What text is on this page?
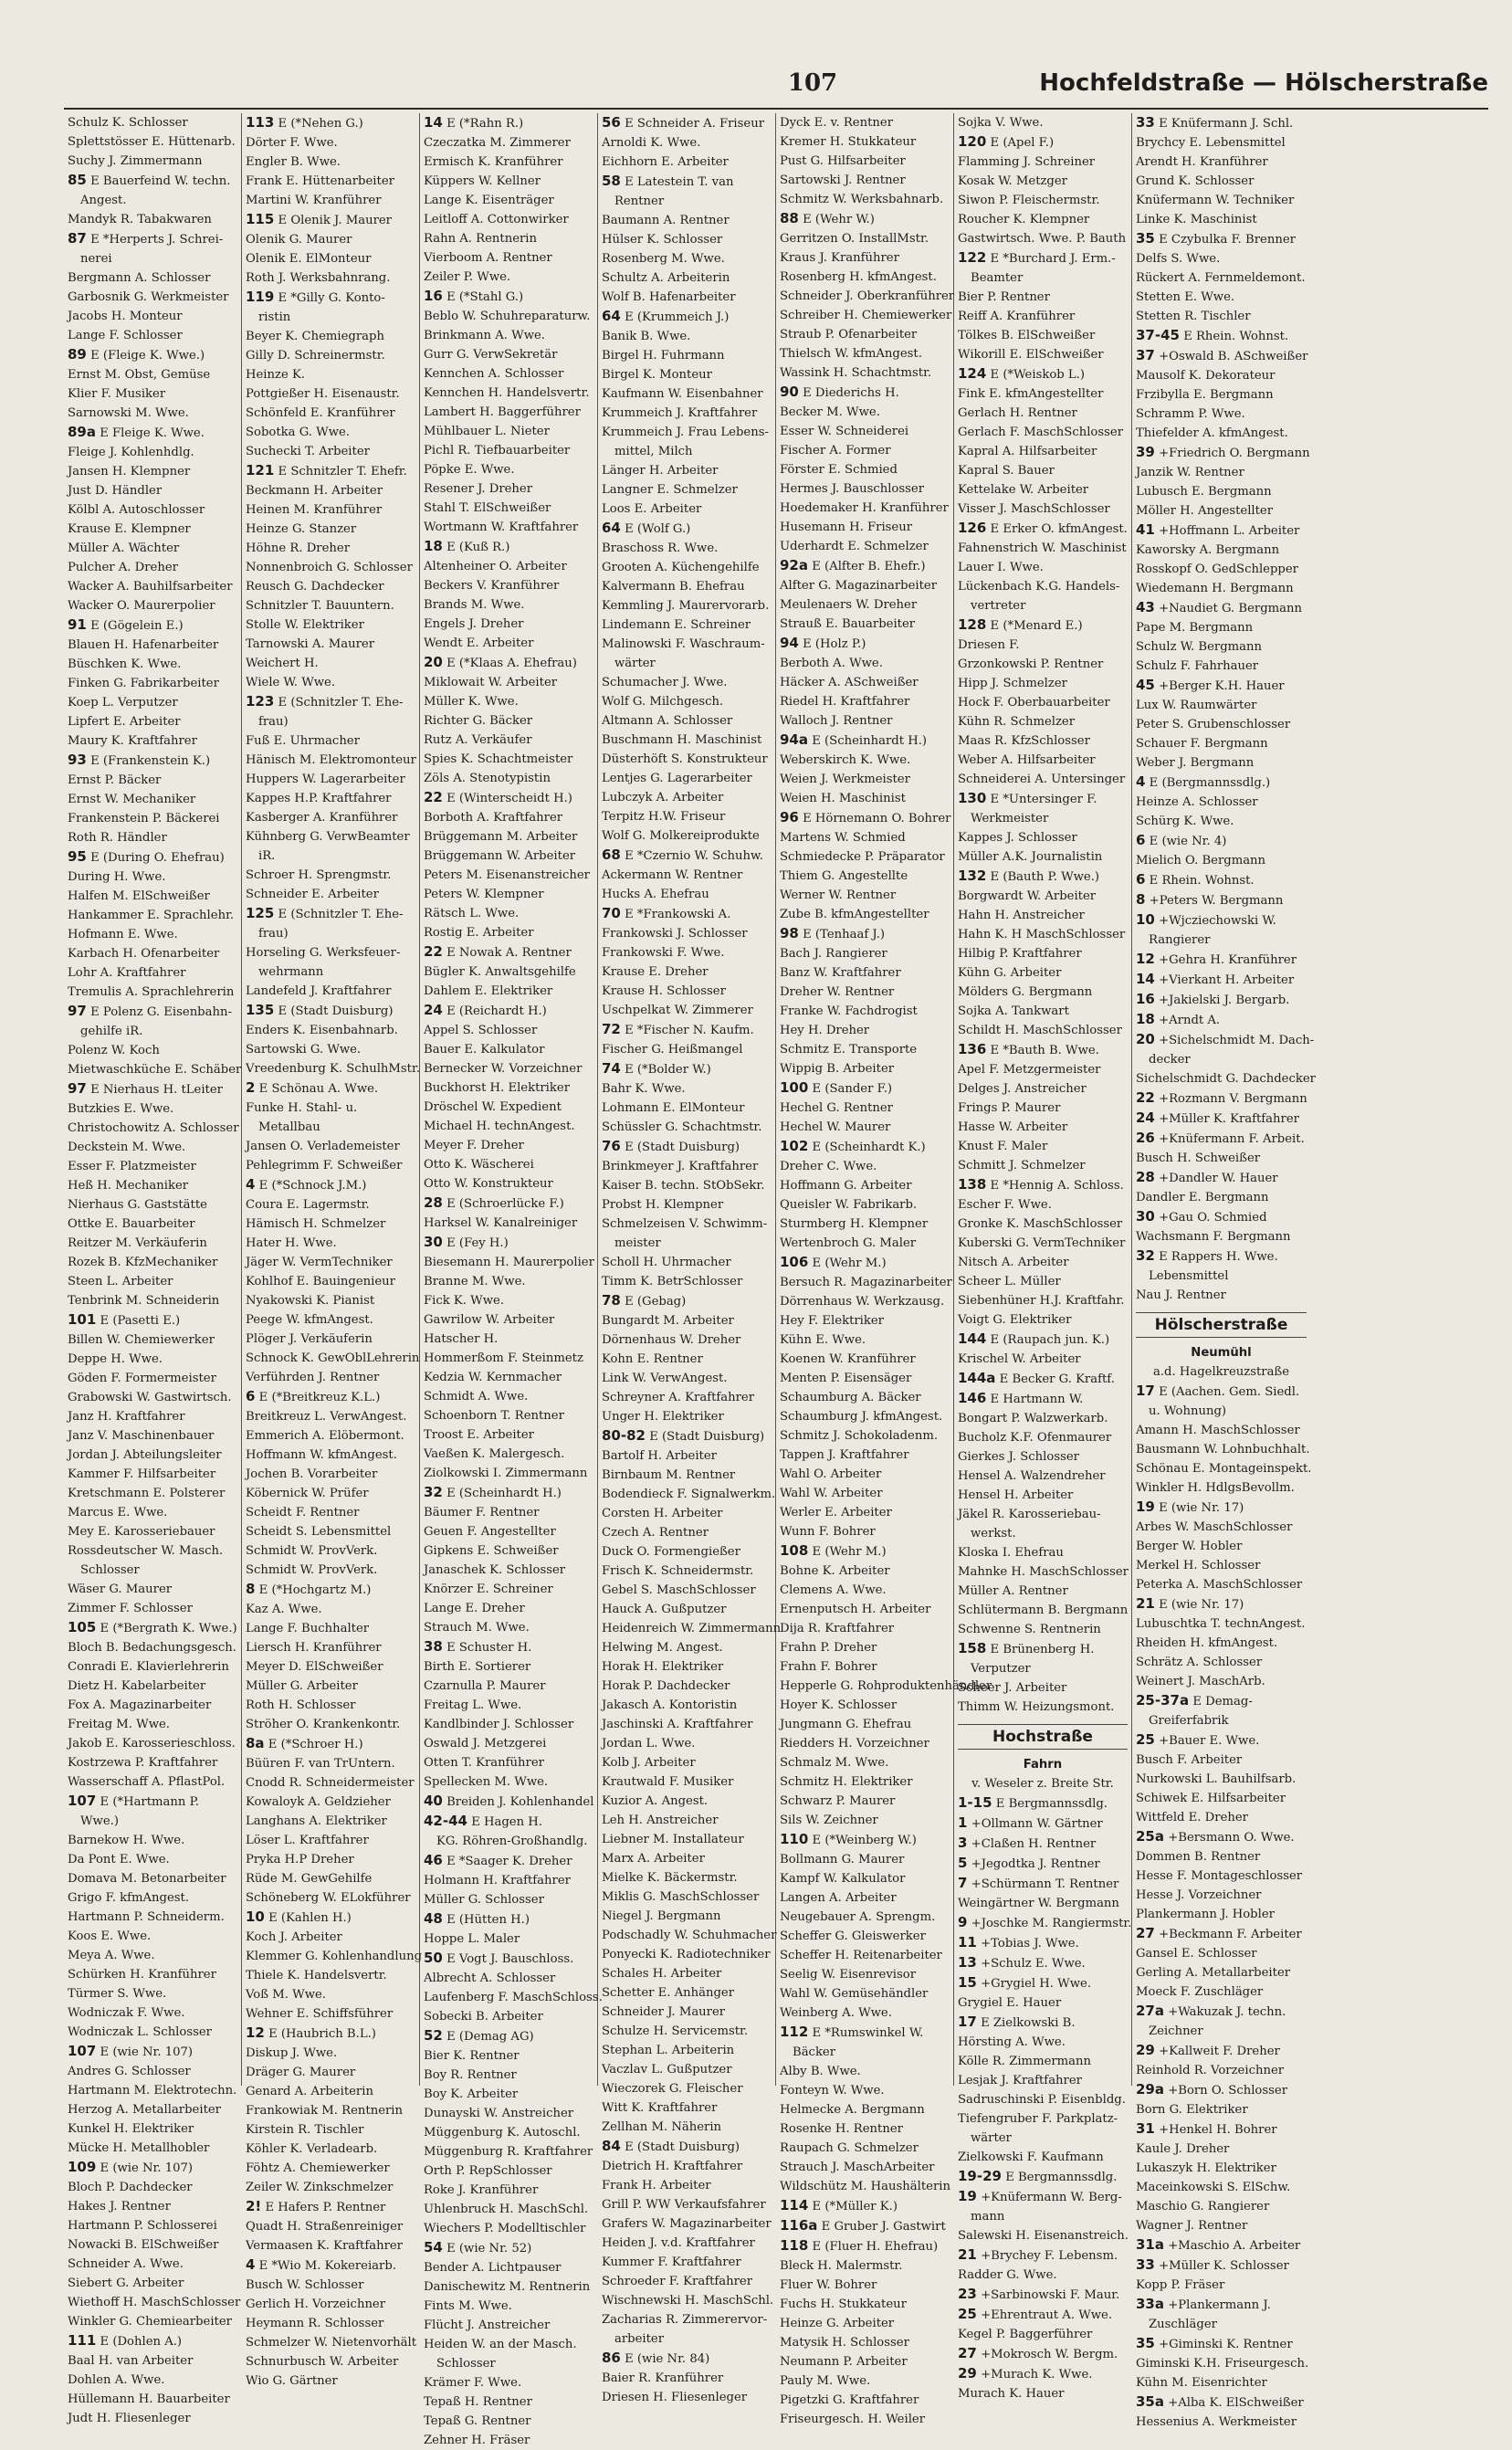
107	Hochfeldstraße — Hölscherstraße
Schulz K. Schlosser
Splettstösser E. Hüttenarb.
Suchy J. Zimmermann
85 E Bauerfeind W. techn.
Angest.
Mandyk R. Tabakwaren
87 E *Herperts J. Schrei-
nerei
Bergmann A. Schlosser
Garbosnik G. Werkmeister
Jacobs H. Monteur
Lange F. Schlosser
89 E (Fleige K. Wwe.)
Ernst M. Obst, Gemüse
Klier F. Musiker
Sarnowski M. Wwe.
89a E Fleige K. Wwe.
Fleige J. Kohlenhdlg.
Jansen H. Klempner
Just D. Händler
Kölbl A. Autoschlosser
Krause E. Klempner
Müller A. Wächter
Pulcher A. Dreher
Wacker A. Bauhilfsarbeiter
Wacker O. Maurerpolier
91 E (Gögelein E.)
Blauen H. Hafenarbeiter
Büschken K. Wwe.
Finken G. Fabrikarbeiter
Koep L. Verputzer
Lipfert E. Arbeiter
Maury K. Kraftfahrer
93 E (Frankenstein K.)
Ernst P. Bäcker
Ernst W. Mechaniker
Frankenstein P. Bäckerei
Roth R. Händler
95 E (During O. Ehefrau)
During H. Wwe.
Halfen M. ElSchweißer
Hankammer E. Sprachlehr.
Hofmann E. Wwe.
Karbach H. Ofenarbeiter
Lohr A. Kraftfahrer
Tremulis A. Sprachlehrerin
97 E Polenz G. Eisenbahn-
gehilfe iR.
Polenz W. Koch
Mietwaschküche E. Schäber
97 E Nierhaus H. tLeiter
Butzkies E. Wwe.
Christochowitz A. Schlosser
Deckstein M. Wwe.
Esser F. Platzmeister
Heß H. Mechaniker
Nierhaus G. Gaststätte
Ottke E. Bauarbeiter
Reitzer M. Verkäuferin
Rozek B. KfzMechaniker
Steen L. Arbeiter
Tenbrink M. Schneiderin
101 E (Pasetti E.)
Billen W. Chemiewerker
Deppe H. Wwe.
Göden F. Formermeister
Grabowski W. Gastwirtsch.
Janz H. Kraftfahrer
Janz V. Maschinenbauer
Jordan J. Abteilungsleiter
Kammer F. Hilfsarbeiter
Kretschmann E. Polsterer
Marcus E. Wwe.
Mey E. Karosseriebauer
Rossdeutscher W. Masch.
Schlosser
Wäser G. Maurer
Zimmer F. Schlosser
105 E (*Bergrath K. Wwe.)
Bloch B. Bedachungsgesch.
Conradi E. Klavierlehrerin
Dietz H. Kabelarbeiter
Fox A. Magazinarbeiter
Freitag M. Wwe.
Jakob E. Karosserieschloss.
Kostrzewa P. Kraftfahrer
Wasserschaff A. PflastPol.
107 E (*Hartmann P.
Wwe.)
Barnekow H. Wwe.
Da Pont E. Wwe.
Domava M. Betonarbeiter
Grigo F. kfmAngest.
Hartmann P. Schneiderm.
Koos E. Wwe.
Meya A. Wwe.
Schürken H. Kranführer
Türmer S. Wwe.
Wodniczak F. Wwe.
Wodniczak L. Schlosser
107 E (wie Nr. 107)
Andres G. Schlosser
Hartmann M. Elektrotechn.
Herzog A. Metallarbeiter
Kunkel H. Elektriker
Mücke H. Metallhobler
109 E (wie Nr. 107)
Bloch P. Dachdecker
Hakes J. Rentner
Hartmann P. Schlosserei
Nowacki B. ElSchweißer
Schneider A. Wwe.
Siebert G. Arbeiter
Wiethoff H. MaschSchlosser
Winkler G. Chemiearbeiter
111 E (Dohlen A.)
Baal H. van Arbeiter
Dohlen A. Wwe.
Hüllemann H. Bauarbeiter
Judt H. Fliesenleger
113 E (*Nehen G.)
Dörter F. Wwe.
Engler B. Wwe.
Frank E. Hüttenarbeiter
Martini W. Kranführer
115 E Olenik J. Maurer
Olenik G. Maurer
Olenik E. ElMonteur
Roth J. Werksbahnrang.
119 E *Gilly G. Konto-
ristin
Beyer K. Chemiegraph
Gilly D. Schreinermstr.
Heinze K.
Pottgießer H. Eisenaustr.
Schönfeld E. Kranführer
Sobotka G. Wwe.
Suchecki T. Arbeiter
121 E Schnitzler T. Ehefr.
Beckmann H. Arbeiter
Heinen M. Kranführer
Heinze G. Stanzer
Höhne R. Dreher
Nonnenbroich G. Schlosser
Reusch G. Dachdecker
Schnitzler T. Bauuntern.
Stolle W. Elektriker
Tarnowski A. Maurer
Weichert H.
Wiele W. Wwe.
123 E (Schnitzler T. Ehe-
frau)
Fuß E. Uhrmacher
Hänisch M. Elektromonteur
Huppers W. Lagerarbeiter
Kappes H.P. Kraftfahrer
Kasberger A. Kranführer
Kühnberg G. VerwBeamter
iR.
Schroer H. Sprengmstr.
Schneider E. Arbeiter
125 E (Schnitzler T. Ehe-
frau)
Horseling G. Werksfeuer-
wehrmann
Landefeld J. Kraftfahrer
135 E (Stadt Duisburg)
Enders K. Eisenbahnarb.
Sartowski G. Wwe.
Vreedenburg K. SchulhMstr.
2 E Schönau A. Wwe.
Funke H. Stahl- u.
Metallbau
Jansen O. Verlademeister
Pehlegrimm F. Schweißer
4 E (*Schnock J.M.)
Coura E. Lagermstr.
Hämisch H. Schmelzer
Hater H. Wwe.
Jäger W. VermTechniker
Kohlhof E. Bauingenieur
Nyakowski K. Pianist
Peege W. kfmAngest.
Plöger J. Verkäuferin
Schnock K. GewOblLehrerin
Verführden J. Rentner
6 E (*Breitkreuz K.L.)
Breitkreuz L. VerwAngest.
Emmerich A. Elöbermont.
Hoffmann W. kfmAngest.
Jochen B. Vorarbeiter
Köbernick W. Prüfer
Scheidt F. Rentner
Scheidt S. Lebensmittel
Schmidt W. ProvVerk.
Schmidt W. ProvVerk.
8 E (*Hochgartz M.)
Kaz A. Wwe.
Lange F. Buchhalter
Liersch H. Kranführer
Meyer D. ElSchweißer
Müller G. Arbeiter
Roth H. Schlosser
Ströher O. Krankenkontr.
8a E (*Schroer H.)
Büüren F. van TrUntern.
Cnodd R. Schneidermeister
Kowaloyk A. Geldzieher
Langhans A. Elektriker
Löser L. Kraftfahrer
Pryka H.P Dreher
Rüde M. GewGehilfe
Schöneberg W. ELokführer
10 E (Kahlen H.)
Koch J. Arbeiter
Klemmer G. Kohlenhandlung
Thiele K. Handelsvertr.
Voß M. Wwe.
Wehner E. Schiffsführer
12 E (Haubrich B.L.)
Diskup J. Wwe.
Dräger G. Maurer
Genard A. Arbeiterin
Frankowiak M. Rentnerin
Kirstein R. Tischler
Köhler K. Verladearb.
Föhtz A. Chemiewerker
Zeiler W. Zinkschmelzer
2! E Hafers P. Rentner
Quadt H. Straßenreiniger
Vermaasen K. Kraftfahrer
4 E *Wio M. Kokereiarb.
Busch W. Schlosser
Gerlich H. Vorzeichner
Heymann R. Schlosser
Schmelzer W. Nietenvorhält
Schnurbusch W. Arbeiter
Wio G. Gärtner
14 E (*Rahn R.)
Czeczatka M. Zimmerer
Ermisch K. Kranführer
Küppers W. Kellner
Lange K. Eisenträger
Leitloff A. Cottonwirker
Rahn A. Rentnerin
Vierboom A. Rentner
Zeiler P. Wwe.
16 E (*Stahl G.)
Beblo W. Schuhreparaturw.
Brinkmann A. Wwe.
Gurr G. VerwSekretär
Kennchen A. Schlosser
Kennchen H. Handelsvertr.
Lambert H. Baggerführer
Mühlbauer L. Nieter
Pichl R. Tiefbauarbeiter
Pöpke E. Wwe.
Resener J. Dreher
Stahl T. ElSchweißer
Wortmann W. Kraftfahrer
18 E (Kuß R.)
Altenheiner O. Arbeiter
Beckers V. Kranführer
Brands M. Wwe.
Engels J. Dreher
Wendt E. Arbeiter
20 E (*Klaas A. Ehefrau)
Miklowait W. Arbeiter
Müller K. Wwe.
Richter G. Bäcker
Rutz A. Verkäufer
Spies K. Schachtmeister
Zöls A. Stenotypistin
22 E (Winterscheidt H.)
Borboth A. Kraftfahrer
Brüggemann M. Arbeiter
Brüggemann W. Arbeiter
Peters M. Eisenanstreicher
Peters W. Klempner
Rätsch L. Wwe.
Rostig E. Arbeiter
22 E Nowak A. Rentner
Bügler K. Anwaltsgehilfe
Dahlem E. Elektriker
24 E (Reichardt H.)
Appel S. Schlosser
Bauer E. Kalkulator
Bernecker W. Vorzeichner
Buckhorst H. Elektriker
Dröschel W. Expedient
Michael H. technAngest.
Meyer F. Dreher
Otto K. Wäscherei
Otto W. Konstrukteur
28 E (Schroerlücke F.)
Harksel W. Kanalreiniger
30 E (Fey H.)
Biesemann H. Maurerpolier
Branne M. Wwe.
Fick K. Wwe.
Gawrilow W. Arbeiter
Hatscher H.
Hommerßom F. Steinmetz
Kedzia W. Kernmacher
Schmidt A. Wwe.
Schoenborn T. Rentner
Troost E. Arbeiter
Vaeßen K. Malergesch.
Ziolkowski I. Zimmermann
32 E (Scheinhardt H.)
Bäumer F. Rentner
Geuen F. Angestellter
Gipkens E. Schweißer
Janaschek K. Schlosser
Knörzer E. Schreiner
Lange E. Dreher
Strauch M. Wwe.
38 E Schuster H.
Birth E. Sortierer
Czarnulla P. Maurer
Freitag L. Wwe.
Kandlbinder J. Schlosser
Oswald J. Metzgerei
Otten T. Kranführer
Spellecken M. Wwe.
40 Breiden J. Kohlenhandel
42-44 E Hagen H.
KG. Röhren-Großhandlg.
46 E *Saager K. Dreher
Holmann H. Kraftfahrer
Müller G. Schlosser
48 E (Hütten H.)
Hoppe L. Maler
50 E Vogt J. Bauschloss.
Albrecht A. Schlosser
Laufenberg F. MaschSchloss.
Sobecki B. Arbeiter
52 E (Demag AG)
Bier K. Rentner
Boy R. Rentner
Boy K. Arbeiter
Dunayski W. Anstreicher
Müggenburg K. Autoschl.
Müggenburg R. Kraftfahrer
Orth P. RepSchlosser
Roke J. Kranführer
Uhlenbruck H. MaschSchl.
Wiechers P. Modelltischler
54 E (wie Nr. 52)
Bender A. Lichtpauser
Danischewitz M. Rentnerin
Fints M. Wwe.
Flücht J. Anstreicher
Heiden W. an der Masch.
Schlosser
Krämer F. Wwe.
Tepaß H. Rentner
Tepaß G. Rentner
Zehner H. Fräser
56 E Schneider A. Friseur
Arnoldi K. Wwe.
Eichhorn E. Arbeiter
58 E Latestein T. van
Rentner
Baumann A. Rentner
Hülser K. Schlosser
Rosenberg M. Wwe.
Schultz A. Arbeiterin
Wolf B. Hafenarbeiter
64 E (Krummeich J.)
Banik B. Wwe.
Birgel H. Fuhrmann
Birgel K. Monteur
Kaufmann W. Eisenbahner
Krummeich J. Kraftfahrer
Krummeich J. Frau Lebens-
mittel, Milch
Länger H. Arbeiter
Langner E. Schmelzer
Loos E. Arbeiter
64 E (Wolf G.)
Braschoss R. Wwe.
Grooten A. Küchengehilfe
Kalvermann B. Ehefrau
Kemmling J. Maurervorarb.
Lindemann E. Schreiner
Malinowski F. Waschraum-
wärter
Schumacher J. Wwe.
Wolf G. Milchgesch.
Altmann A. Schlosser
Buschmann H. Maschinist
Düsterhöft S. Konstrukteur
Lentjes G. Lagerarbeiter
Lubczyk A. Arbeiter
Terpitz H.W. Friseur
Wolf G. Molkereiprodukte
68 E *Czernio W. Schuhw.
Ackermann W. Rentner
Hucks A. Ehefrau
70 E *Frankowski A.
Frankowski J. Schlosser
Frankowski F. Wwe.
Krause E. Dreher
Krause H. Schlosser
Uschpelkat W. Zimmerer
72 E *Fischer N. Kaufm.
Fischer G. Heißmangel
74 E (*Bolder W.)
Bahr K. Wwe.
Lohmann E. ElMonteur
Schüssler G. Schachtmstr.
76 E (Stadt Duisburg)
Brinkmeyer J. Kraftfahrer
Kaiser B. techn. StObSekr.
Probst H. Klempner
Schmelzeisen V. Schwimm-
meister
Scholl H. Uhrmacher
Timm K. BetrSchlosser
78 E (Gebag)
Bungardt M. Arbeiter
Dörnenhaus W. Dreher
Kohn E. Rentner
Link W. VerwAngest.
Schreyner A. Kraftfahrer
Unger H. Elektriker
80-82 E (Stadt Duisburg)
Bartolf H. Arbeiter
Birnbaum M. Rentner
Bodendieck F. Signalwerkm.
Corsten H. Arbeiter
Czech A. Rentner
Duck O. Formengießer
Frisch K. Schneidermstr.
Gebel S. MaschSchlosser
Hauck A. Gußputzer
Heidenreich W. Zimmermann
Helwing M. Angest.
Horak H. Elektriker
Horak P. Dachdecker
Jakasch A. Kontoristin
Jaschinski A. Kraftfahrer
Jordan L. Wwe.
Kolb J. Arbeiter
Krautwald F. Musiker
Kuzior A. Angest.
Leh H. Anstreicher
Liebner M. Installateur
Marx A. Arbeiter
Mielke K. Bäckermstr.
Miklis G. MaschSchlosser
Niegel J. Bergmann
Podschadly W. Schuhmacher
Ponyecki K. Radiotechniker
Schales H. Arbeiter
Schetter E. Anhänger
Schneider J. Maurer
Schulze H. Servicemstr.
Stephan L. Arbeiterin
Vaczlav L. Gußputzer
Wieczorek G. Fleischer
Witt K. Kraftfahrer
Zellhan M. Näherin
84 E (Stadt Duisburg)
Dietrich H. Kraftfahrer
Frank H. Arbeiter
Grill P. WW Verkaufsfahrer
Grafers W. Magazinarbeiter
Heiden J. v.d. Kraftfahrer
Kummer F. Kraftfahrer
Schroeder F. Kraftfahrer
Wischnewski H. MaschSchl.
Zacharias R. Zimmerervor-
arbeiter
86 E (wie Nr. 84)
Baier R. Kranführer
Driesen H. Fliesenleger
Dyck E. v. Rentner
Kremer H. Stukkateur
Pust G. Hilfsarbeiter
Sartowski J. Rentner
Schmitz W. Werksbahnarb.
88 E (Wehr W.)
Gerritzen O. InstallMstr.
Kraus J. Kranführer
Rosenberg H. kfmAngest.
Schneider J. Oberkranführer
Schreiber H. Chemiewerker
Straub P. Ofenarbeiter
Thielsch W. kfmAngest.
Wassink H. Schachtmstr.
90 E Diederichs H.
Becker M. Wwe.
Esser W. Schneiderei
Fischer A. Former
Förster E. Schmied
Hermes J. Bauschlosser
Hoedemaker H. Kranführer
Husemann H. Friseur
Uderhardt E. Schmelzer
92a E (Alfter B. Ehefr.)
Alfter G. Magazinarbeiter
Meulenaers W. Dreher
Strauß E. Bauarbeiter
94 E (Holz P.)
Berboth A. Wwe.
Häcker A. ASchweißer
Riedel H. Kraftfahrer
Walloch J. Rentner
94a E (Scheinhardt H.)
Weberskirch K. Wwe.
Weien J. Werkmeister
Weien H. Maschinist
96 E Hörnemann O. Bohrer
Martens W. Schmied
Schmiedecke P. Präparator
Thiem G. Angestellte
Werner W. Rentner
Zube B. kfmAngestellter
98 E (Tenhaaf J.)
Bach J. Rangierer
Banz W. Kraftfahrer
Dreher W. Rentner
Franke W. Fachdrogist
Hey H. Dreher
Schmitz E. Transporte
Wippig B. Arbeiter
100 E (Sander F.)
Hechel G. Rentner
Hechel W. Maurer
102 E (Scheinhardt K.)
Dreher C. Wwe.
Hoffmann G. Arbeiter
Queisler W. Fabrikarb.
Sturmberg H. Klempner
Wertenbroch G. Maler
106 E (Wehr M.)
Bersuch R. Magazinarbeiter
Dörrenhaus W. Werkzausg.
Hey F. Elektriker
Kühn E. Wwe.
Koenen W. Kranführer
Menten P. Eisensäger
Schaumburg A. Bäcker
Schaumburg J. kfmAngest.
Schmitz J. Schokoladenm.
Tappen J. Kraftfahrer
Wahl O. Arbeiter
Wahl W. Arbeiter
Werler E. Arbeiter
Wunn F. Bohrer
108 E (Wehr M.)
Bohne K. Arbeiter
Clemens A. Wwe.
Ernenputsch H. Arbeiter
Dija R. Kraftfahrer
Frahn P. Dreher
Frahn F. Bohrer
Hepperle G. Rohproduktenhändler
Hoyer K. Schlosser
Jungmann G. Ehefrau
Riedders H. Vorzeichner
Schmalz M. Wwe.
Schmitz H. Elektriker
Schwarz P. Maurer
Sils W. Zeichner
110 E (*Weinberg W.)
Bollmann G. Maurer
Kampf W. Kalkulator
Langen A. Arbeiter
Neugebauer A. Sprengm.
Scheffer G. Gleiswerker
Scheffer H. Reitenarbeiter
Seelig W. Eisenrevisor
Wahl W. Gemüsehändler
Weinberg A. Wwe.
112 E *Rumswinkel W.
Bäcker
Alby B. Wwe.
Fonteyn W. Wwe.
Helmecke A. Bergmann
Rosenke H. Rentner
Raupach G. Schmelzer
Strauch J. MaschArbeiter
Wildschütz M. Haushälterin
114 E (*Müller K.)
116a E Gruber J. Gastwirt
118 E (Fluer H. Ehefrau)
Bleck H. Malermstr.
Fluer W. Bohrer
Fuchs H. Stukkateur
Heinze G. Arbeiter
Matysik H. Schlosser
Neumann P. Arbeiter
Pauly M. Wwe.
Pigetzki G. Kraftfahrer
Friseurgesch. H. Weiler
Sojka V. Wwe.
120 E (Apel F.)
Flamming J. Schreiner
Kosak W. Metzger
Siwon P. Fleischermstr.
Roucher K. Klempner
Gastwirtsch. Wwe. P. Bauth
122 E *Burchard J. Erm.-
Beamter
Bier P. Rentner
Reiff A. Kranführer
Tölkes B. ElSchweißer
Wikorill E. ElSchweißer
124 E (*Weiskob L.)
Fink E. kfmAngestellter
Gerlach H. Rentner
Gerlach F. MaschSchlosser
Kapral A. Hilfsarbeiter
Kapral S. Bauer
Kettelake W. Arbeiter
Visser J. MaschSchlosser
126 E Erker O. kfmAngest.
Fahnenstrich W. Maschinist
Lauer I. Wwe.
Lückenbach K.G. Handels-
vertreter
128 E (*Menard E.)
Driesen F.
Grzonkowski P. Rentner
Hipp J. Schmelzer
Hock F. Oberbauarbeiter
Kühn R. Schmelzer
Maas R. KfzSchlosser
Weber A. Hilfsarbeiter
Schneiderei A. Untersinger
130 E *Untersinger F.
Werkmeister
Kappes J. Schlosser
Müller A.K. Journalistin
132 E (Bauth P. Wwe.)
Borgwardt W. Arbeiter
Hahn H. Anstreicher
Hahn K. H MaschSchlosser
Hilbig P. Kraftfahrer
Kühn G. Arbeiter
Mölders G. Bergmann
Sojka A. Tankwart
Schildt H. MaschSchlosser
136 E *Bauth B. Wwe.
Apel F. Metzgermeister
Delges J. Anstreicher
Frings P. Maurer
Hasse W. Arbeiter
Knust F. Maler
Schmitt J. Schmelzer
138 E *Hennig A. Schloss.
Escher F. Wwe.
Gronke K. MaschSchlosser
Kuberski G. VermTechniker
Nitsch A. Arbeiter
Scheer L. Müller
Siebenhüner H.J. Kraftfahr.
Voigt G. Elektriker
144 E (Raupach jun. K.)
Krischel W. Arbeiter
144a E Becker G. Kraftf.
146 E Hartmann W.
Bongart P. Walzwerkarb.
Bucholz K.F. Ofenmaurer
Gierkes J. Schlosser
Hensel A. Walzendreher
Hensel H. Arbeiter
Jäkel R. Karosseriebau-
werkst.
Kloska I. Ehefrau
Mahnke H. MaschSchlosser
Müller A. Rentner
Schlütermann B. Bergmann
Schwenne S. Rentnerin
158 E Brünenberg H.
Verputzer
Scheer J. Arbeiter
Thimm W. Heizungsmont.
Hochstraße
Fahrn
v. Weseler z. Breite Str.
1-15 E Bergmannssdlg.
1 +Ollmann W. Gärtner
3 +Claßen H. Rentner
5 +Jegodtka J. Rentner
7 +Schürmann T. Rentner
Weingärtner W. Bergmann
9 +Joschke M. Rangiermstr.
11 +Tobias J. Wwe.
13 +Schulz E. Wwe.
15 +Grygiel H. Wwe.
Grygiel E. Hauer
17 E Zielkowski B.
Hörsting A. Wwe.
Kölle R. Zimmermann
Lesjak J. Kraftfahrer
Sadruschinski P. Eisenbldg.
Tiefengruber F. Parkplatz-
wärter
Zielkowski F. Kaufmann
19-29 E Bergmannssdlg.
19 +Knüfermann W. Berg-
mann
Salewski H. Eisenanstreich.
21 +Brychey F. Lebensm.
Radder G. Wwe.
23 +Sarbinowski F. Maur.
25 +Ehrentraut A. Wwe.
Kegel P. Baggerführer
27 +Mokrosch W. Bergm.
29 +Murach K. Wwe.
Murach K. Hauer
33 E Knüfermann J. Schl.
Brychcy E. Lebensmittel
Arendt H. Kranführer
Grund K. Schlosser
Knüfermann W. Techniker
Linke K. Maschinist
35 E Czybulka F. Brenner
Delfs S. Wwe.
Rückert A. Fernmeldemont.
Stetten E. Wwe.
Stetten R. Tischler
37-45 E Rhein. Wohnst.
37 +Oswald B. ASchweißer
Mausolf K. Dekorateur
Frzibylla E. Bergmann
Schramm P. Wwe.
Thiefelder A. kfmAngest.
39 +Friedrich O. Bergmann
Janzik W. Rentner
Lubusch E. Bergmann
Möller H. Angestellter
41 +Hoffmann L. Arbeiter
Kaworsky A. Bergmann
Rosskopf O. GedSchlepper
Wiedemann H. Bergmann
43 +Naudiet G. Bergmann
Pape M. Bergmann
Schulz W. Bergmann
Schulz F. Fahrhauer
45 +Berger K.H. Hauer
Lux W. Raumwärter
Peter S. Grubenschlosser
Schauer F. Bergmann
Weber J. Bergmann
4 E (Bergmannssdlg.)
Heinze A. Schlosser
Schürg K. Wwe.
6 E (wie Nr. 4)
Mielich O. Bergmann
6 E Rhein. Wohnst.
8 +Peters W. Bergmann
10 +Wjcziechowski W.
Rangierer
12 +Gehra H. Kranführer
14 +Vierkant H. Arbeiter
16 +Jakielski J. Bergarb.
18 +Arndt A.
20 +Sichelschmidt M. Dach-
decker
Sichelschmidt G. Dachdecker
22 +Rozmann V. Bergmann
24 +Müller K. Kraftfahrer
26 +Knüfermann F. Arbeit.
Busch H. Schweißer
28 +Dandler W. Hauer
Dandler E. Bergmann
30 +Gau O. Schmied
Wachsmann F. Bergmann
32 E Rappers H. Wwe.
Lebensmittel
Nau J. Rentner
Hölscherstraße
Neumühl
a.d. Hagelkreuzstraße
17 E (Aachen. Gem. Siedl.
u. Wohnung)
Amann H. MaschSchlosser
Bausmann W. Lohnbuchhalt.
Schönau E. Montageinspekt.
Winkler H. HdlgsBevollm.
19 E (wie Nr. 17)
Arbes W. MaschSchlosser
Berger W. Hobler
Merkel H. Schlosser
Peterka A. MaschSchlosser
21 E (wie Nr. 17)
Lubuschtka T. technAngest.
Rheiden H. kfmAngest.
Schrätz A. Schlosser
Weinert J. MaschArb.
25-37a E Demag-
Greiferfabrik
25 +Bauer E. Wwe.
Busch F. Arbeiter
Nurkowski L. Bauhilfsarb.
Schiwek E. Hilfsarbeiter
Wittfeld E. Dreher
25a +Bersmann O. Wwe.
Dommen B. Rentner
Hesse F. Montageschlosser
Hesse J. Vorzeichner
Plankermann J. Hobler
27 +Beckmann F. Arbeiter
Gansel E. Schlosser
Gerling A. Metallarbeiter
Moeck F. Zuschläger
27a +Wakuzak J. techn.
Zeichner
29 +Kallweit F. Dreher
Reinhold R. Vorzeichner
29a +Born O. Schlosser
Born G. Elektriker
31 +Henkel H. Bohrer
Kaule J. Dreher
Lukaszyk H. Elektriker
Maceinkowski S. ElSchw.
Maschio G. Rangierer
Wagner J. Rentner
31a +Maschio A. Arbeiter
33 +Müller K. Schlosser
Kopp P. Fräser
33a +Plankermann J.
Zuschläger
35 +Giminski K. Rentner
Giminski K.H. Friseurgesch.
Kühn M. Eisenrichter
35a +Alba K. ElSchweißer
Hessenius A. Werkmeister
